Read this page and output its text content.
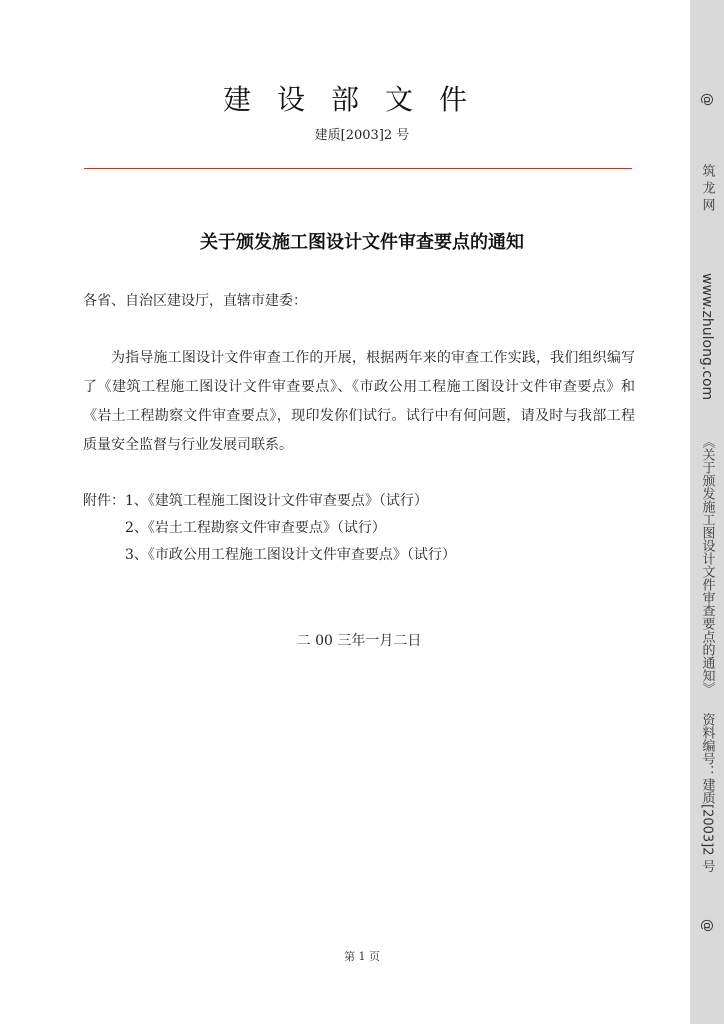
建设部文件
建质[2003]2 号
关于颁发施工图设计文件审查要点的通知
各省、自治区建设厅，直辖市建委：

为指导施工图设计文件审查工作的开展，根据两年来的审查工作实践，我们组织编写了《建筑工程施工图设计文件审查要点》、《市政公用工程施工图设计文件审查要点》和《岩土工程勘察文件审查要点》，现印发你们试行。试行中有何问题，请及时与我部工程质量安全监督与行业发展司联系。

附件：1、《建筑工程施工图设计文件审查要点》（试行）
2、《岩土工程勘察文件审查要点》（试行）
3、《市政公用工程施工图设计文件审查要点》（试行）
二 00 三年一月二日
第 1 页
@
筑 龙 网
www.zhulong.com
《关于颁发施工图设计文件审查要点的通知》
资料编号：建质[2003]2 号
@
